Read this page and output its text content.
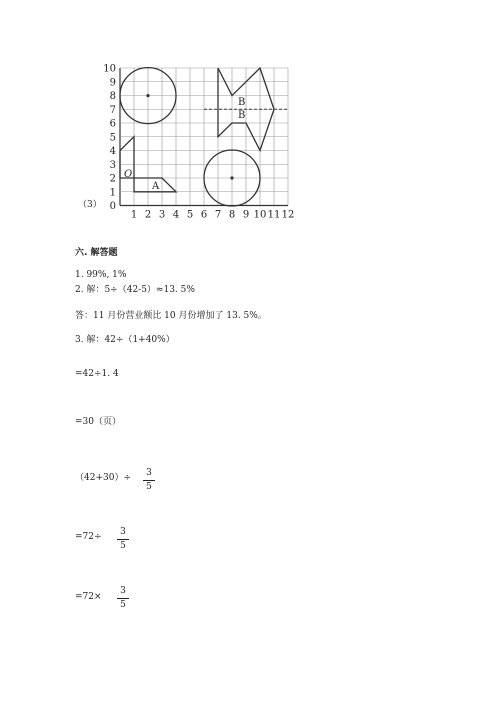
B
B
O
A
1 2 3 4 5 6 7 8 9 10 11 12
0
1
2
3
4
5
6
7
8
9
10
（3）
六. 解答题
1. 99%, 1%
2. 解：5÷（42-5）≈13. 5%
答：11 月份营业额比 10 月份增加了 13. 5%。
3. 解：42÷（1+40%）
=42÷1. 4
=30（页）
（42+30）÷	3
5
=72÷	3
5
=72×
3
5
